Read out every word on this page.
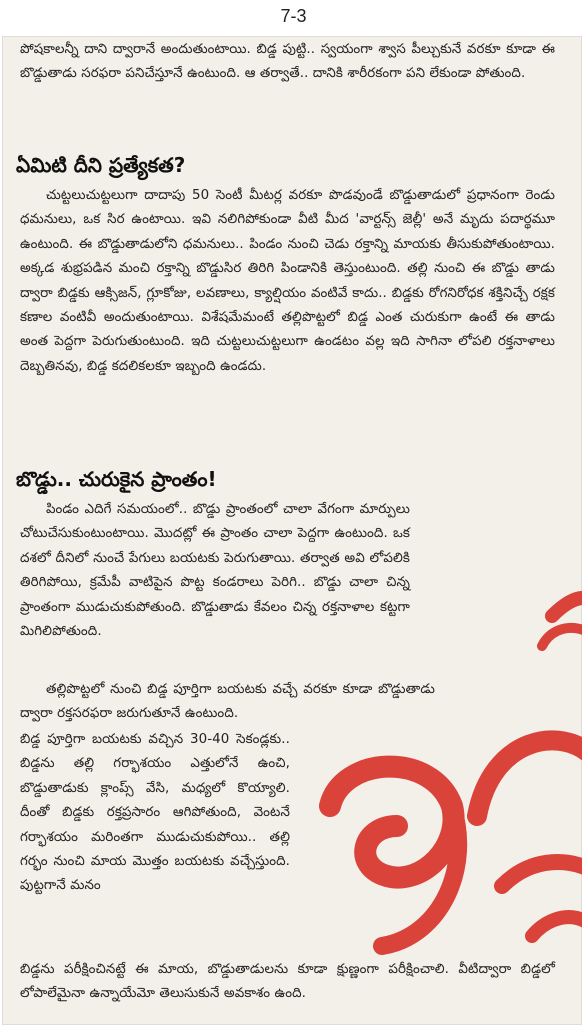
7-3

పోషకాలన్నీ దాని ద్వారానే అందుతుంటాయి. బిడ్డ పుట్టి.. స్వయంగా శ్వాస పీల్చుకునే వరకూ కూడా ఈ బొడ్డుతాడు సరఫరా పనిచేస్తూనే ఉంటుంది. ఆ తర్వాతే.. దానికి శారీరకంగా పని లేకుండా పోతుంది.

ఏమిటి దీని ప్రత్యేకత?

చుట్టలుచుట్టలుగా దాదాపు 50 సెంటీ మీటర్ల వరకూ పొడవుండే బొడ్డుతాడులో ప్రధానంగా రెండు ధమనులు, ఒక సిర ఉంటాయి. ఇవి నలిగిపోకుండా వీటి మీద 'వార్టన్స్ జెల్లీ' అనే మృదు పదార్థమూ ఉంటుంది. ఈ బొడ్డుతాడులోని ధమనులు.. పిండం నుంచి చెడు రక్తాన్ని మాయకు తీసుకుపోతుంటాయి. అక్కడ శుభ్రపడిన మంచి రక్తాన్ని బొడ్డుసిర తిరిగి పిండానికి తెస్తుంటుంది. తల్లి నుంచి ఈ బొడ్డు తాడు ద్వారా బిడ్డకు ఆక్సిజన్, గ్లూకోజు, లవణాలు, క్యాల్షియం వంటివే కాదు.. బిడ్డకు రోగనిరోధక శక్తినిచ్చే రక్షక కణాల వంటివీ అందుతుంటాయి. విశేషమేమంటే తల్లిపొట్టలో బిడ్డ ఎంత చురుకుగా ఉంటే ఈ తాడు అంత పెద్దగా పెరుగుతుంటుంది. ఇది చుట్టలుచుట్టలుగా ఉండటం వల్ల ఇది సాగినా లోపలి రక్తనాళాలు దెబ్బతినవు, బిడ్డ కదలికలకూ ఇబ్బంది ఉండదు.

బొడ్డు.. చురుకైన ప్రాంతం!

పిండం ఎదిగే సమయంలో.. బొడ్డు ప్రాంతంలో చాలా వేగంగా మార్పులు చోటుచేసుకుంటుంటాయి. మొదట్లో ఈ ప్రాంతం చాలా పెద్దగా ఉంటుంది. ఒక దశలో దీనిలో నుంచే పేగులు బయటకు పెరుగుతాయి. తర్వాత అవి లోపలికి తిరిగిపోయి, క్రమేపీ వాటిపైన పొట్ట కండరాలు పెరిగి.. బొడ్డు చాలా చిన్న ప్రాంతంగా ముడుచుకుపోతుంది. బొడ్డుతాడు కేవలం చిన్న రక్తనాళాల కట్టగా మిగిలిపోతుంది.

తల్లిపొట్టలో నుంచి బిడ్డ పూర్తిగా బయటకు వచ్చే వరకూ కూడా బొడ్డుతాడు ద్వారా రక్తసరఫరా జరుగుతూనే ఉంటుంది.

బిడ్డ పూర్తిగా బయటకు వచ్చిన 30-40 సెకండ్లకు.. బిడ్డను తల్లి గర్భాశయం ఎత్తులోనే ఉంచి, బొడ్డుతాడుకు క్లాంప్స్ వేసి, మధ్యలో కొయ్యాలి. దీంతో బిడ్డకు రక్తప్రసారం ఆగిపోతుంది, వెంటనే గర్భాశయం మరింతగా ముడుచుకుపోయి.. తల్లి గర్భం నుంచి మాయ మొత్తం బయటకు వచ్చేస్తుంది. పుట్టగానే మనం

బిడ్డను పరీక్షించినట్టే ఈ మాయ, బొడ్డుతాడులను కూడా క్షుణ్ణంగా పరీక్షించాలి. వీటిద్వారా బిడ్డలో లోపాలేమైనా ఉన్నాయేమో తెలుసుకునే అవకాశం ఉంది.
